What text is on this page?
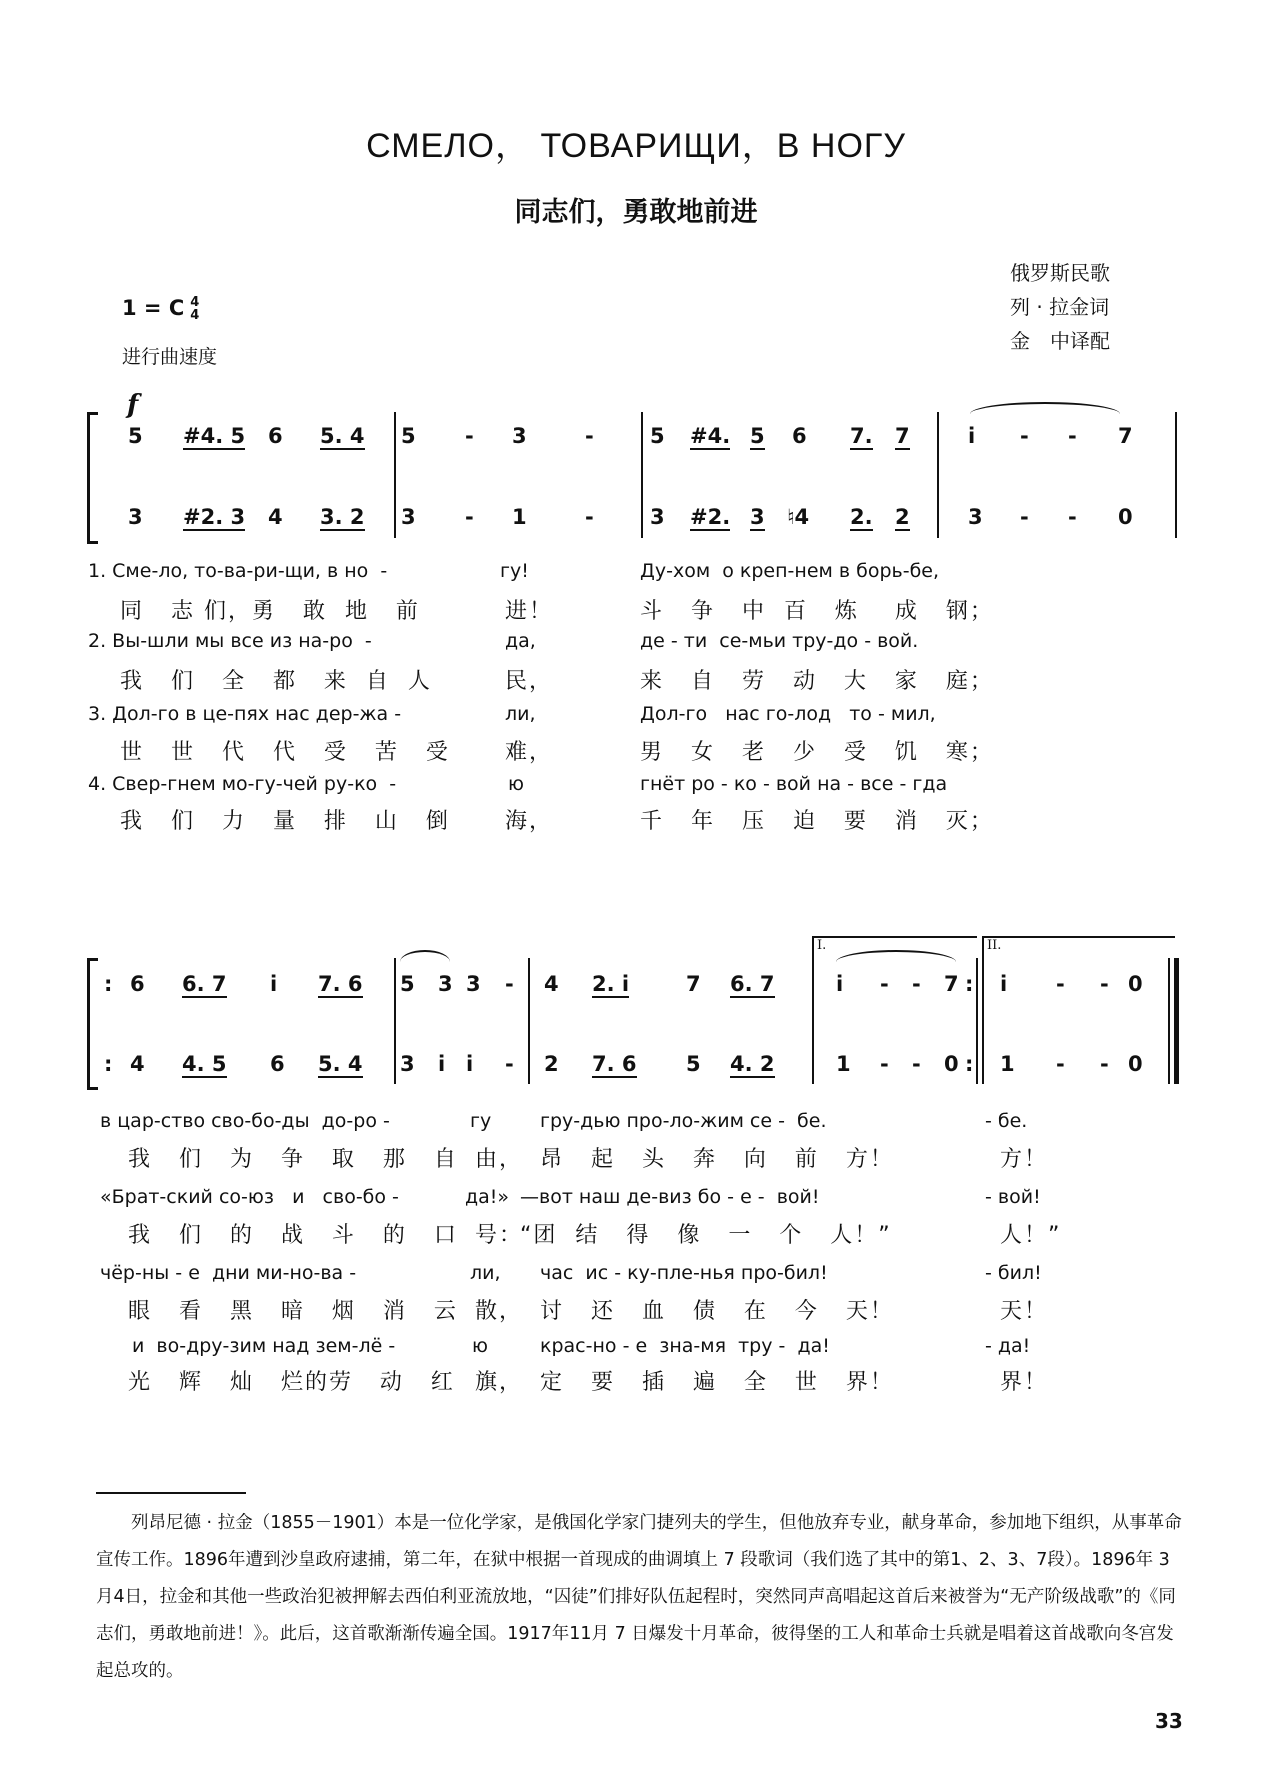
СМЕЛО， ТОВАРИЩИ，В НОГУ
同志们，勇敢地前进
俄罗斯民歌
列 · 拉金词
金　中译配
1 = C 4
4
进行曲速度
f

5

#4. 5

6

5. 4

5

-

3

	-

	5

#4.

5

6

7.

7

	i

-

-

7

3

#2. 3

4

3. 2

3

-

1

	-

	3

#2.

3

♮4

2.

2

	3

-

-

0

1. Сме-ло, то-ва-ри-щи, в но  -	гу!	Ду-хом  о креп-нем в борь-бе,
同   志 们，勇   敢  地   前	进！	斗   争   中  百   炼    成   钢；
2. Вы-шли мы все из на-ро  -	да,	де - ти  се-мьи тру-до - вой.
我   们   全   都   来  自  人	民，	来   自   劳   动   大   家   庭；
3. Дол-го в це-пях нас дер-жа -	ли,	Дол-го   нас го-лод   то - мил,
世   世   代   代   受   苦   受	难，	男   女   老   少   受   饥   寒；
4. Свер-гнем мо-гу-чей ру-ко  -	ю	гнёт ро - ко - вой на - все - гда
我   们   力   量   排   山   倒	海，	千   年   压   迫   要   消   灭；
I.	II.

:

6

6. 7

i

7. 6

5

3

3

-

4

2. i

	7

6. 7

	i

-

-

7

:

i

-

-

0

:

4

4. 5

6

5. 4

3

i

i

-

2

7. 6

5

4. 2

	1

-

-

0

:

1

-

-

0

в цар-ство сво-бо-ды  до-ро -	гу	гру-дью про-ло-жим се -  бе.	- бе.
我   们   为   争   取   那   自 由， 昂   起   头   奔   向   前   方！	方！
«Брат-ский со-юз   и   сво-бо -	да!» —вот наш де-виз бо - е -  вой!	- вой!
我   们   的   战   斗   的   口 号：
“团  结   得   像   一   个   人！”	人！”
чёр-ны - е  дни ми-но-ва -	ли, час  ис - ку-пле-нья про-бил!	- бил!
眼   看   黑   暗   烟   消   云 散， 讨   还   血   债   在   今   天！	天！
и  во-дру-зим над зем-лё -	ю	крас-но - е  зна-мя  тру -  да!	- да!
光   辉   灿   烂的劳   动   红 旗， 定   要   插   遍   全   世   界！	界！
列昂尼德 · 拉金（1855－1901）本是一位化学家，是俄国化学家门捷列夫的学生，但他放弃专业，献身革命，参加地下组织，从事革命宣传工作。1896年遭到沙皇政府逮捕，第二年，在狱中根据一首现成的曲调填上 7 段歌词（我们选了其中的第1、2、3、7段）。1896年 3月4日，拉金和其他一些政治犯被押解去西伯利亚流放地，“囚徒”们排好队伍起程时，突然同声高唱起这首后来被誉为“无产阶级战歌”的《同志们，勇敢地前进！》。此后，这首歌渐渐传遍全国。1917年11月 7 日爆发十月革命，彼得堡的工人和革命士兵就是唱着这首战歌向冬宫发起总攻的。
33
